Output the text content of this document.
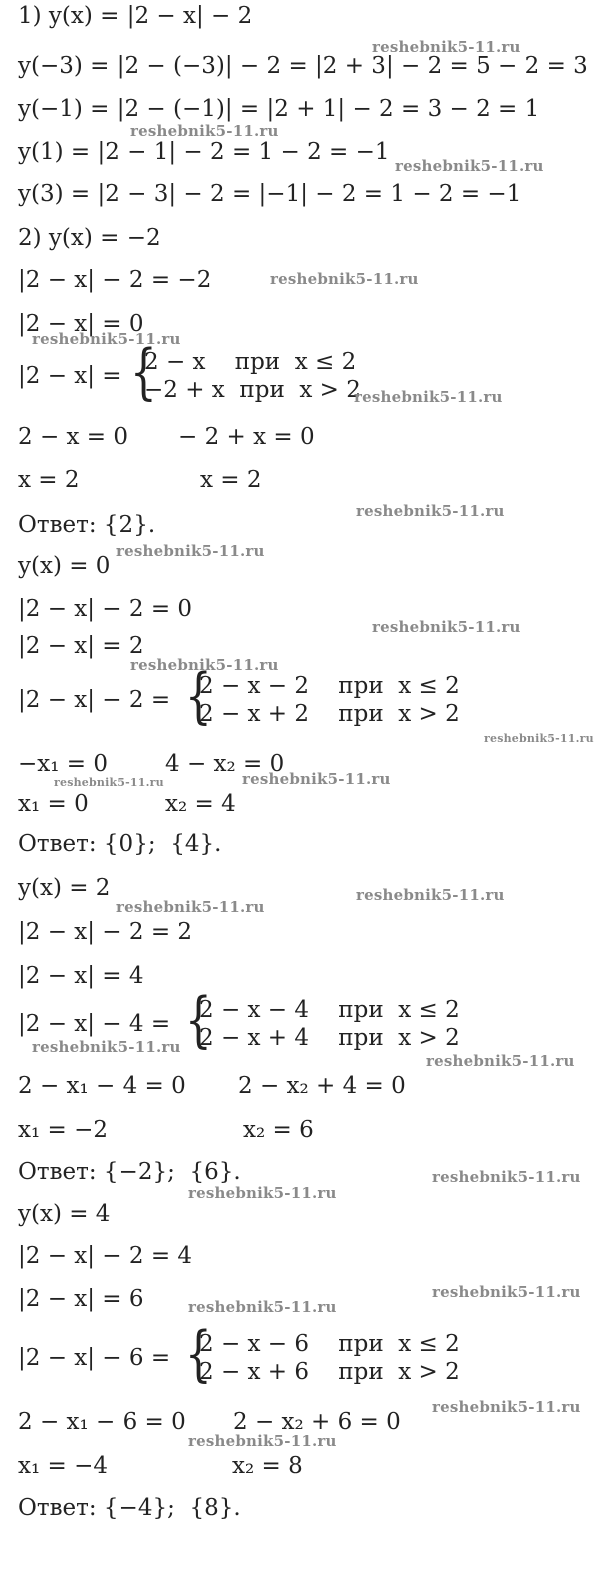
1) y(x) = |2 − x| − 2
y(−3) = |2 − (−3)| − 2 = |2 + 3| − 2 = 5 − 2 = 3
y(−1) = |2 − (−1)| = |2 + 1| − 2 = 3 − 2 = 1
y(1) = |2 − 1| − 2 = 1 − 2 = −1
y(3) = |2 − 3| − 2 = |−1| − 2 = 1 − 2 = −1
2) y(x) = −2
|2 − x| − 2 = −2
|2 − x| = 0
2 − x = 0
x = 2
Ответ: {2}.
y(x) = 0
|2 − x| − 2 = 0
|2 − x| = 2
−x₁ = 0
x₁ = 0
Ответ: {0};  {4}.
y(x) = 2
|2 − x| − 2 = 2
|2 − x| = 4
2 − x₁ − 4 = 0
x₁ = −2
Ответ: {−2};  {6}.
y(x) = 4
|2 − x| − 2 = 4
|2 − x| = 6
2 − x₁ − 6 = 0
x₁ = −4
Ответ: {−4};  {8}.
− 2 + x = 0
x = 2
4 − x₂ = 0
x₂ = 4
2 − x₂ + 4 = 0
x₂ = 6
2 − x₂ + 6 = 0
x₂ = 8
|2 − x| = {
2 − x    при  x ≤ 2
−2 + x  при  x > 2
|2 − x| − 2 = {
2 − x − 2    при  x ≤ 2
2 − x + 2    при  x > 2
|2 − x| − 4 = {
2 − x − 4    при  x ≤ 2
2 − x + 4    при  x > 2
|2 − x| − 6 = {
2 − x − 6    при  x ≤ 2
2 − x + 6    при  x > 2
reshebnik5-11.ru
reshebnik5-11.ru
reshebnik5-11.ru
reshebnik5-11.ru
reshebnik5-11.ru
reshebnik5-11.ru
reshebnik5-11.ru
reshebnik5-11.ru
reshebnik5-11.ru
reshebnik5-11.ru
reshebnik5-11.ru
reshebnik5-11.ru	reshebnik5-11.ru
reshebnik5-11.ru
reshebnik5-11.ru
reshebnik5-11.ru
reshebnik5-11.ru
reshebnik5-11.ru
reshebnik5-11.ru
reshebnik5-11.ru
reshebnik5-11.ru
reshebnik5-11.ru
reshebnik5-11.ru
